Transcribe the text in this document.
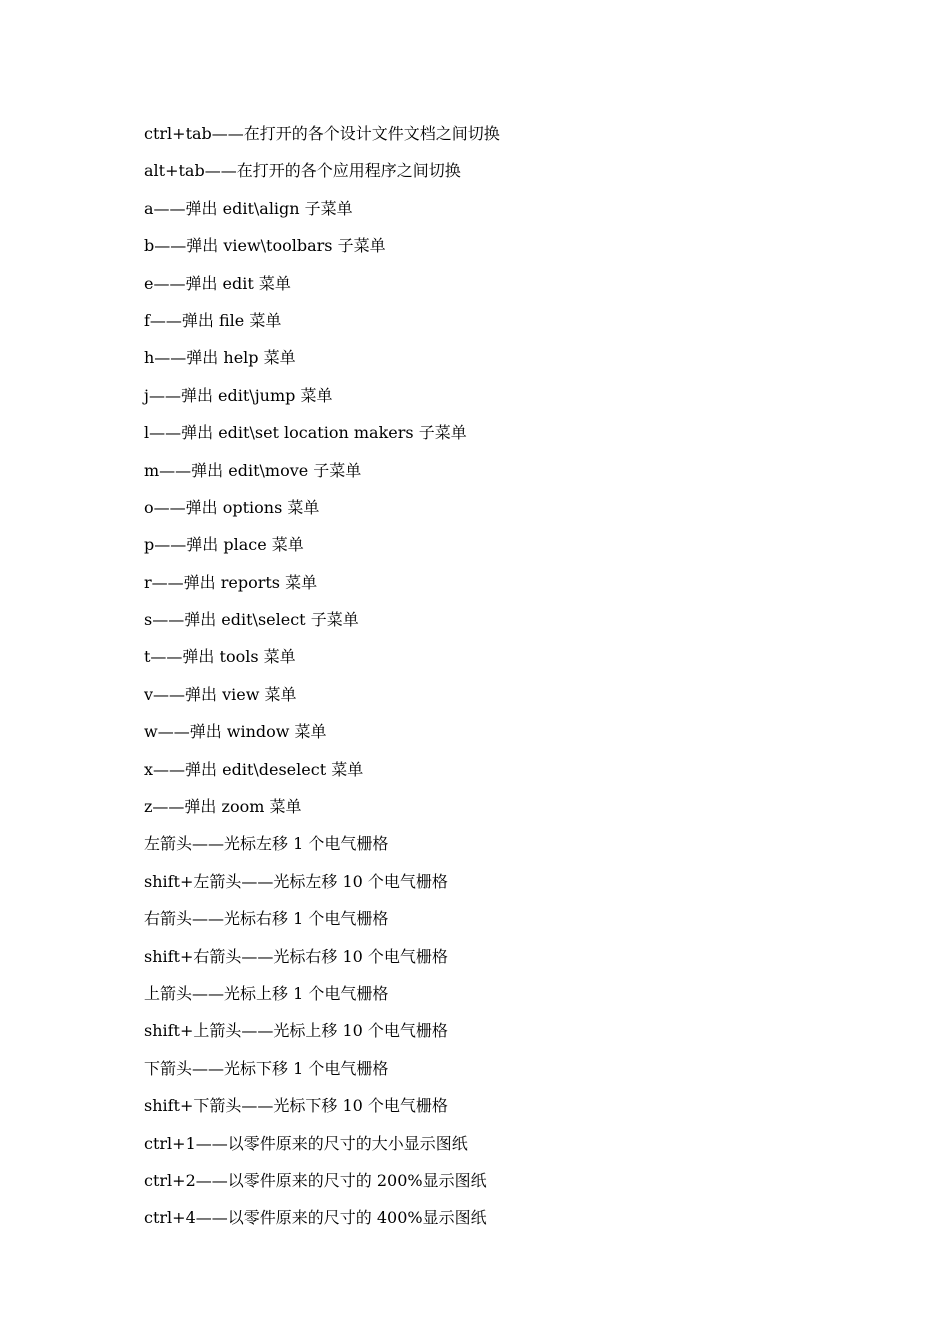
ctrl+tab——在打开的各个设计文件文档之间切换
alt+tab——在打开的各个应用程序之间切换
a——弹出 edit\align 子菜单
b——弹出 view\toolbars 子菜单
e——弹出 edit 菜单
f——弹出 file 菜单
h——弹出 help 菜单
j——弹出 edit\jump 菜单
l——弹出 edit\set location makers 子菜单
m——弹出 edit\move 子菜单
o——弹出 options 菜单
p——弹出 place 菜单
r——弹出 reports 菜单
s——弹出 edit\select 子菜单
t——弹出 tools 菜单
v——弹出 view 菜单
w——弹出 window 菜单
x——弹出 edit\deselect 菜单
z——弹出 zoom 菜单
左箭头——光标左移 1 个电气栅格
shift+左箭头——光标左移 10 个电气栅格
右箭头——光标右移 1 个电气栅格
shift+右箭头——光标右移 10 个电气栅格
上箭头——光标上移 1 个电气栅格
shift+上箭头——光标上移 10 个电气栅格
下箭头——光标下移 1 个电气栅格
shift+下箭头——光标下移 10 个电气栅格
ctrl+1——以零件原来的尺寸的大小显示图纸
ctrl+2——以零件原来的尺寸的 200%显示图纸
ctrl+4——以零件原来的尺寸的 400%显示图纸
